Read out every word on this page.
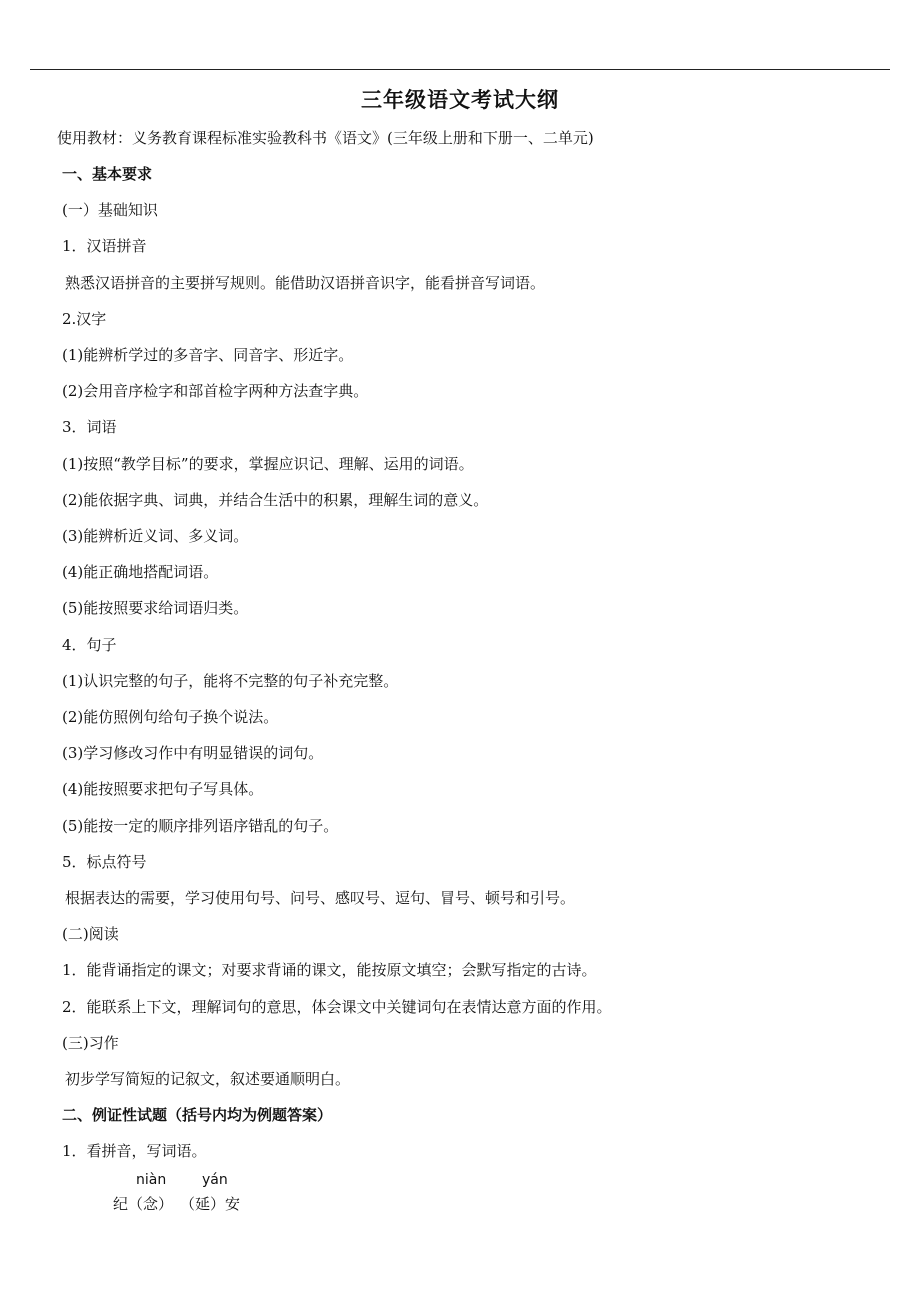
三年级语文考试大纲
使用教材：义务教育课程标准实验教科书《语文》(三年级上册和下册一、二单元)
一、基本要求
(一）基础知识
1．汉语拼音
熟悉汉语拼音的主要拼写规则。能借助汉语拼音识字，能看拼音写词语。
2.汉字
(1)能辨析学过的多音字、同音字、形近字。
(2)会用音序检字和部首检字两种方法查字典。
3．词语
(1)按照“教学目标”的要求，掌握应识记、理解、运用的词语。
(2)能依据字典、词典，并结合生活中的积累，理解生词的意义。
(3)能辨析近义词、多义词。
(4)能正确地搭配词语。
(5)能按照要求给词语归类。
4．句子
(1)认识完整的句子，能将不完整的句子补充完整。
(2)能仿照例句给句子换个说法。
(3)学习修改习作中有明显错误的词句。
(4)能按照要求把句子写具体。
(5)能按一定的顺序排列语序错乱的句子。
5．标点符号
根据表达的需要，学习使用句号、问号、感叹号、逗句、冒号、顿号和引号。
(二)阅读
1．能背诵指定的课文；对要求背诵的课文，能按原文填空；会默写指定的古诗。
2．能联系上下文，理解词句的意思，体会课文中关键词句在表情达意方面的作用。
(三)习作
初步学写简短的记叙文，叙述要通顺明白。
二、例证性试题（括号内均为例题答案）
1．看拼音，写词语。
niàn	yán
纪（念） （延）安
